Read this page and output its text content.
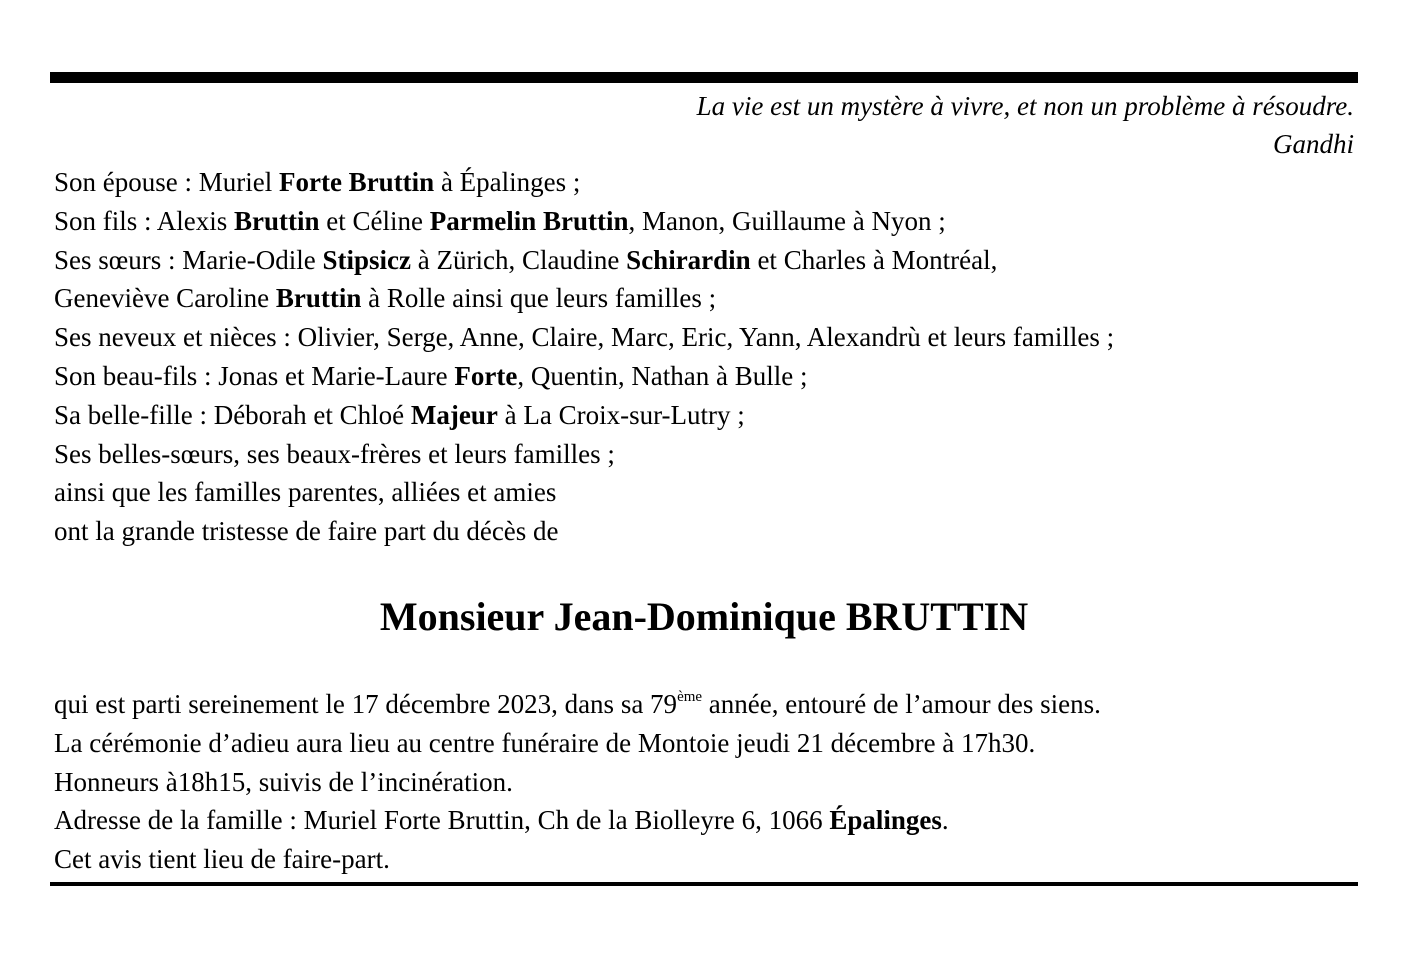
La vie est un mystère à vivre, et non un problème à résoudre.
Gandhi
Son épouse : Muriel Forte Bruttin à Épalinges ;
Son fils : Alexis Bruttin et Céline Parmelin Bruttin, Manon, Guillaume à Nyon ;
Ses sœurs : Marie-Odile Stipsicz à Zürich, Claudine Schirardin et Charles à Montréal,
Geneviève Caroline Bruttin à Rolle ainsi que leurs familles ;
Ses neveux et nièces : Olivier, Serge, Anne, Claire, Marc, Eric, Yann, Alexandrù et leurs familles ;
Son beau-fils : Jonas et Marie-Laure Forte, Quentin, Nathan à Bulle ;
Sa belle-fille : Déborah et Chloé Majeur à La Croix-sur-Lutry ;
Ses belles-sœurs, ses beaux-frères et leurs familles ;
ainsi que les familles parentes, alliées et amies
ont la grande tristesse de faire part du décès de
Monsieur Jean-Dominique BRUTTIN
qui est parti sereinement le 17 décembre 2023, dans sa 79ème année, entouré de l’amour des siens.
La cérémonie d’adieu aura lieu au centre funéraire de Montoie jeudi 21 décembre à 17h30.
Honneurs à18h15, suivis de l’incinération.
Adresse de la famille : Muriel Forte Bruttin, Ch de la Biolleyre 6, 1066 Épalinges.
Cet avis tient lieu de faire-part.
